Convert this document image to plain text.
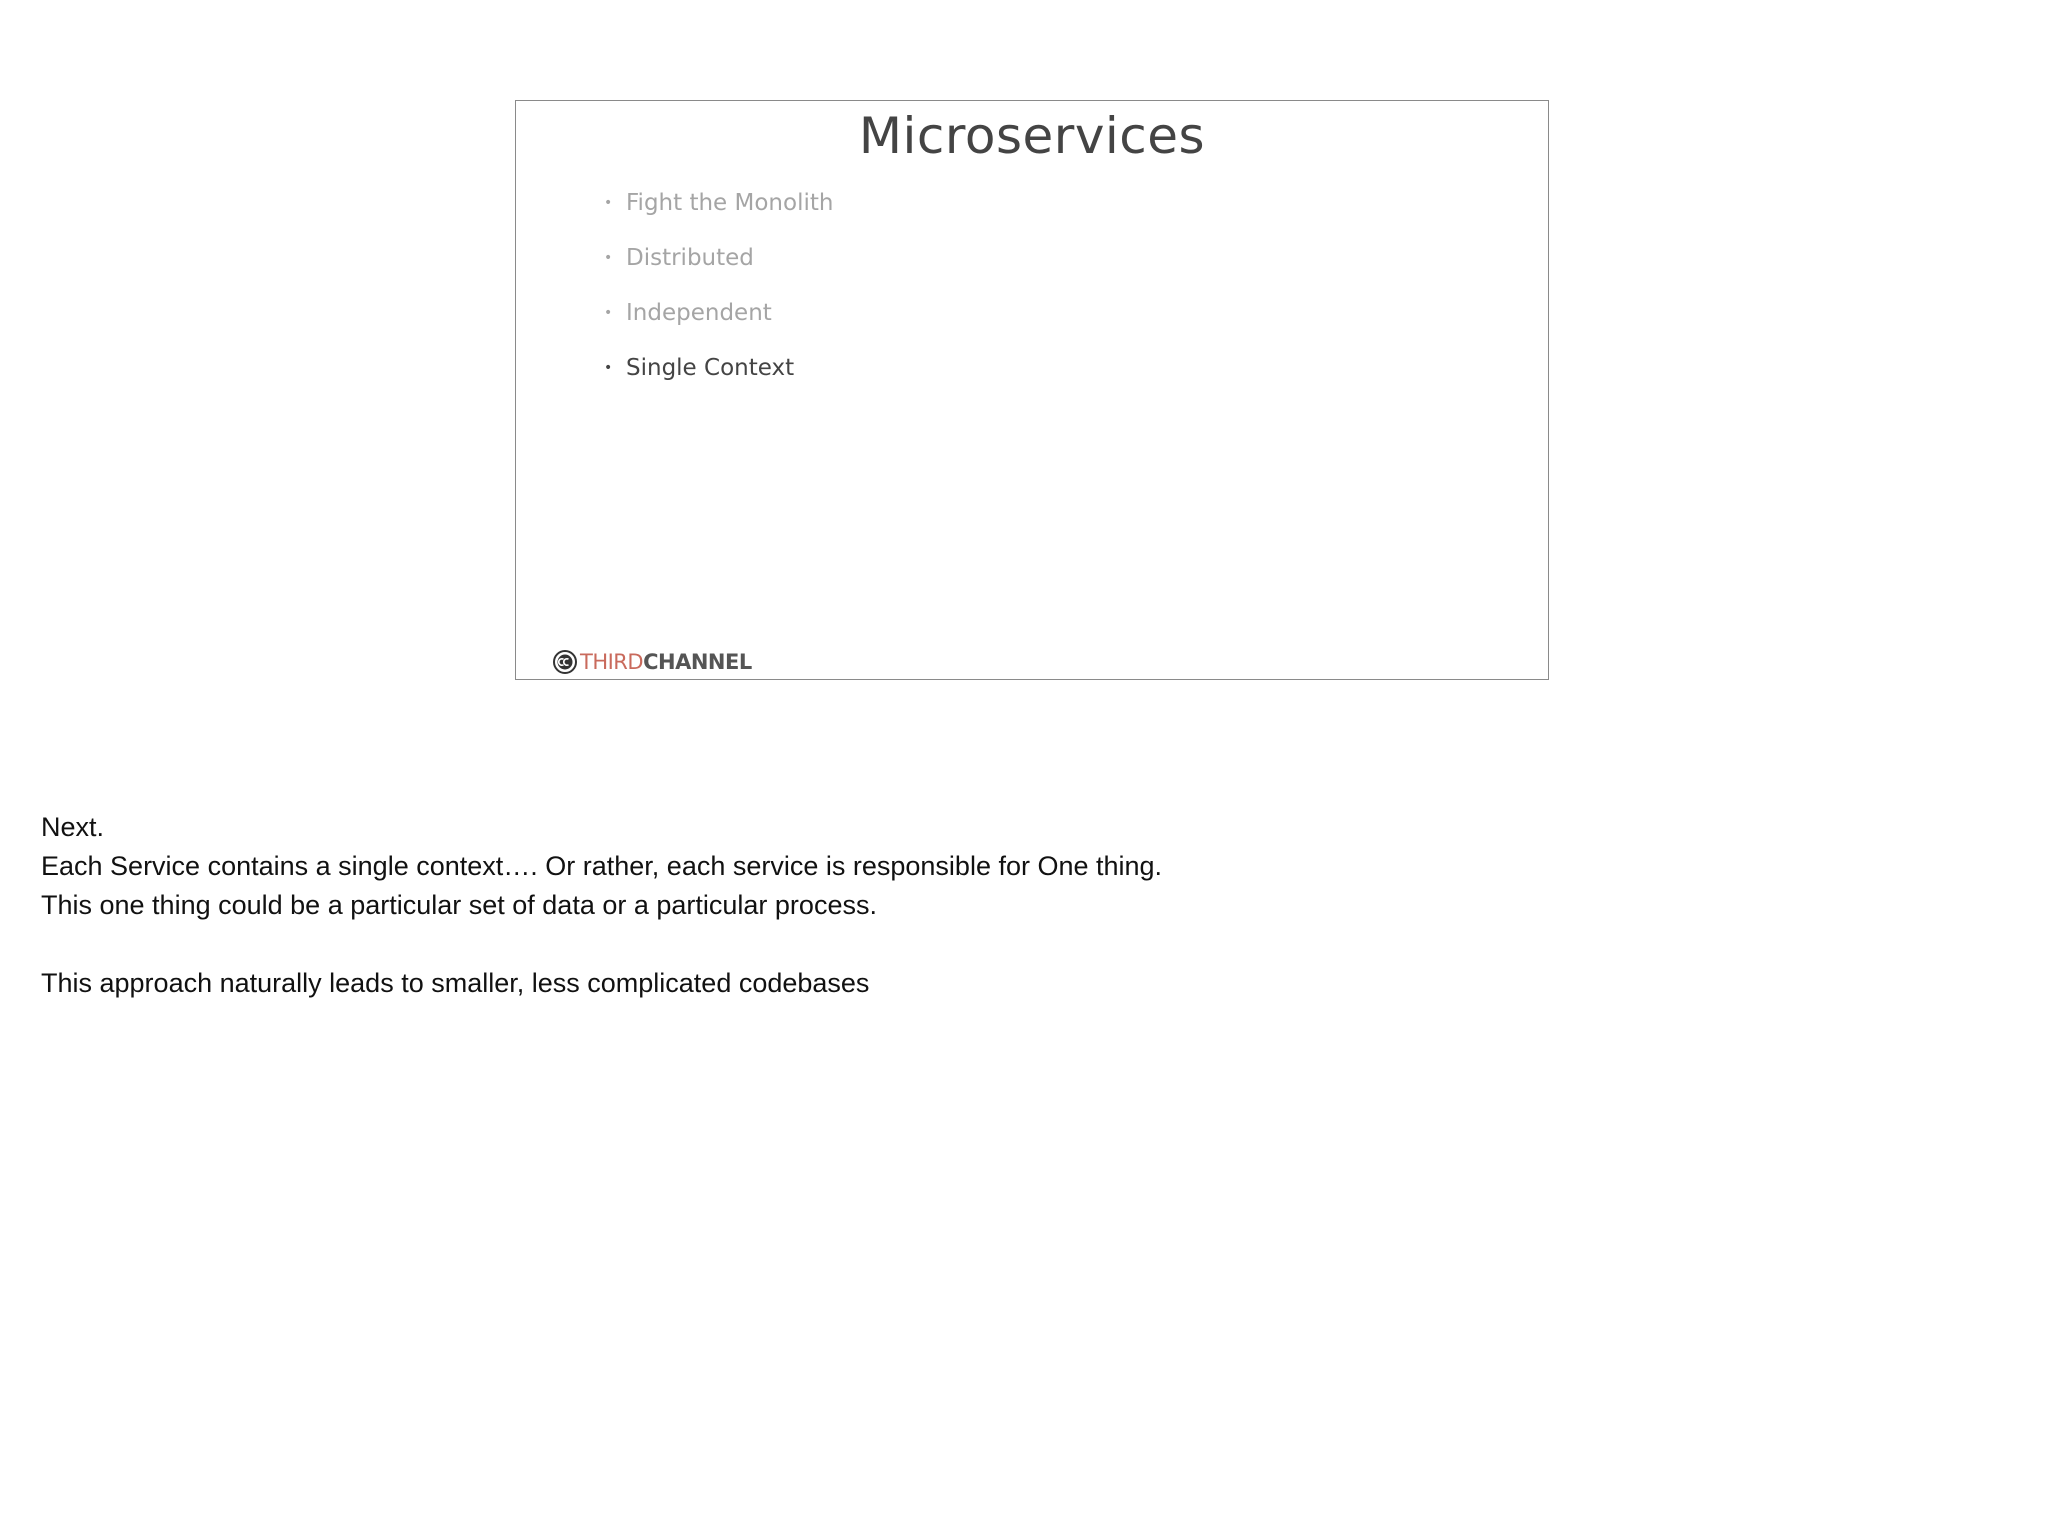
Microservices
• Fight the Monolith
• Distributed
• Independent
• Single Context
THIRD CHANNEL
Next.
Each Service contains a single context…. Or rather, each service is responsible for One thing.
This one thing could be a particular set of data or a particular process.
This approach naturally leads to smaller, less complicated codebases
